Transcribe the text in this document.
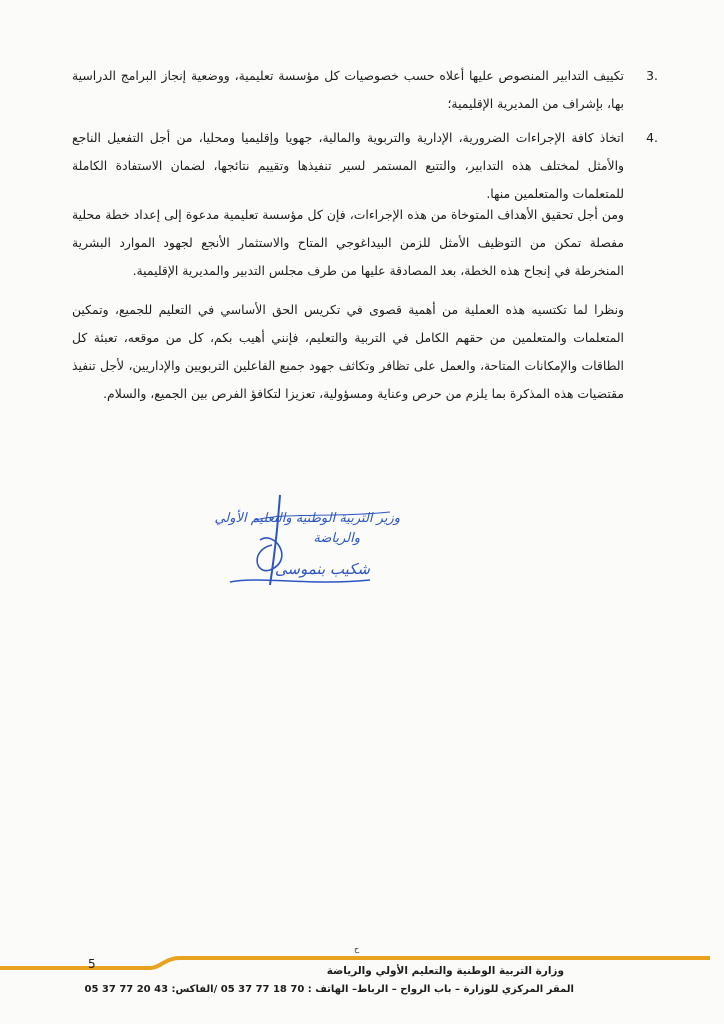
3.
تكييف التدابير المنصوص عليها أعلاه حسب خصوصيات كل مؤسسة تعليمية، ووضعية إنجاز البرامج الدراسية بها، بإشراف من المديرية الإقليمية؛
4.
اتخاذ كافة الإجراءات الضرورية، الإدارية والتربوية والمالية، جهويا وإقليميا ومحليا، من أجل التفعيل الناجع والأمثل لمختلف هذه التدابير، والتتبع المستمر لسير تنفيذها وتقييم نتائجها، لضمان الاستفادة الكاملة للمتعلمات والمتعلمين منها.

ومن أجل تحقيق الأهداف المتوخاة من هذه الإجراءات، فإن كل مؤسسة تعليمية مدعوة إلى إعداد خطة محلية مفصلة تمكن من التوظيف الأمثل للزمن البيداغوجي المتاح والاستثمار الأنجع لجهود الموارد البشرية المنخرطة في إنجاح هذه الخطة، بعد المصادقة عليها من طرف مجلس التدبير والمديرية الإقليمية.

ونظرا لما تكتسيه هذه العملية من أهمية قصوى في تكريس الحق الأساسي في التعليم للجميع، وتمكين المتعلمات والمتعلمين من حقهم الكامل في التربية والتعليم، فإنني أهيب بكم، كل من موقعه، تعبئة كل الطاقات والإمكانات المتاحة، والعمل على تظافر وتكاثف جهود جميع الفاعلين التربويين والإداريين، لأجل تنفيذ مقتضيات هذه المذكرة بما يلزم من حرص وعناية ومسؤولية، تعزيزا لتكافؤ الفرص بين الجميع، والسلام.

وزير التربية الوطنية والتعليم الأولي
والرياضة
شكيب بنموسى
ح
5	وزارة التربية الوطنية والتعليم الأولي والرياضة
المقر المركزي للوزارة – باب الرواح – الرباط– الهاتف : 70 18 77 37 05 /الفاكس: 43 20 77 37 05
